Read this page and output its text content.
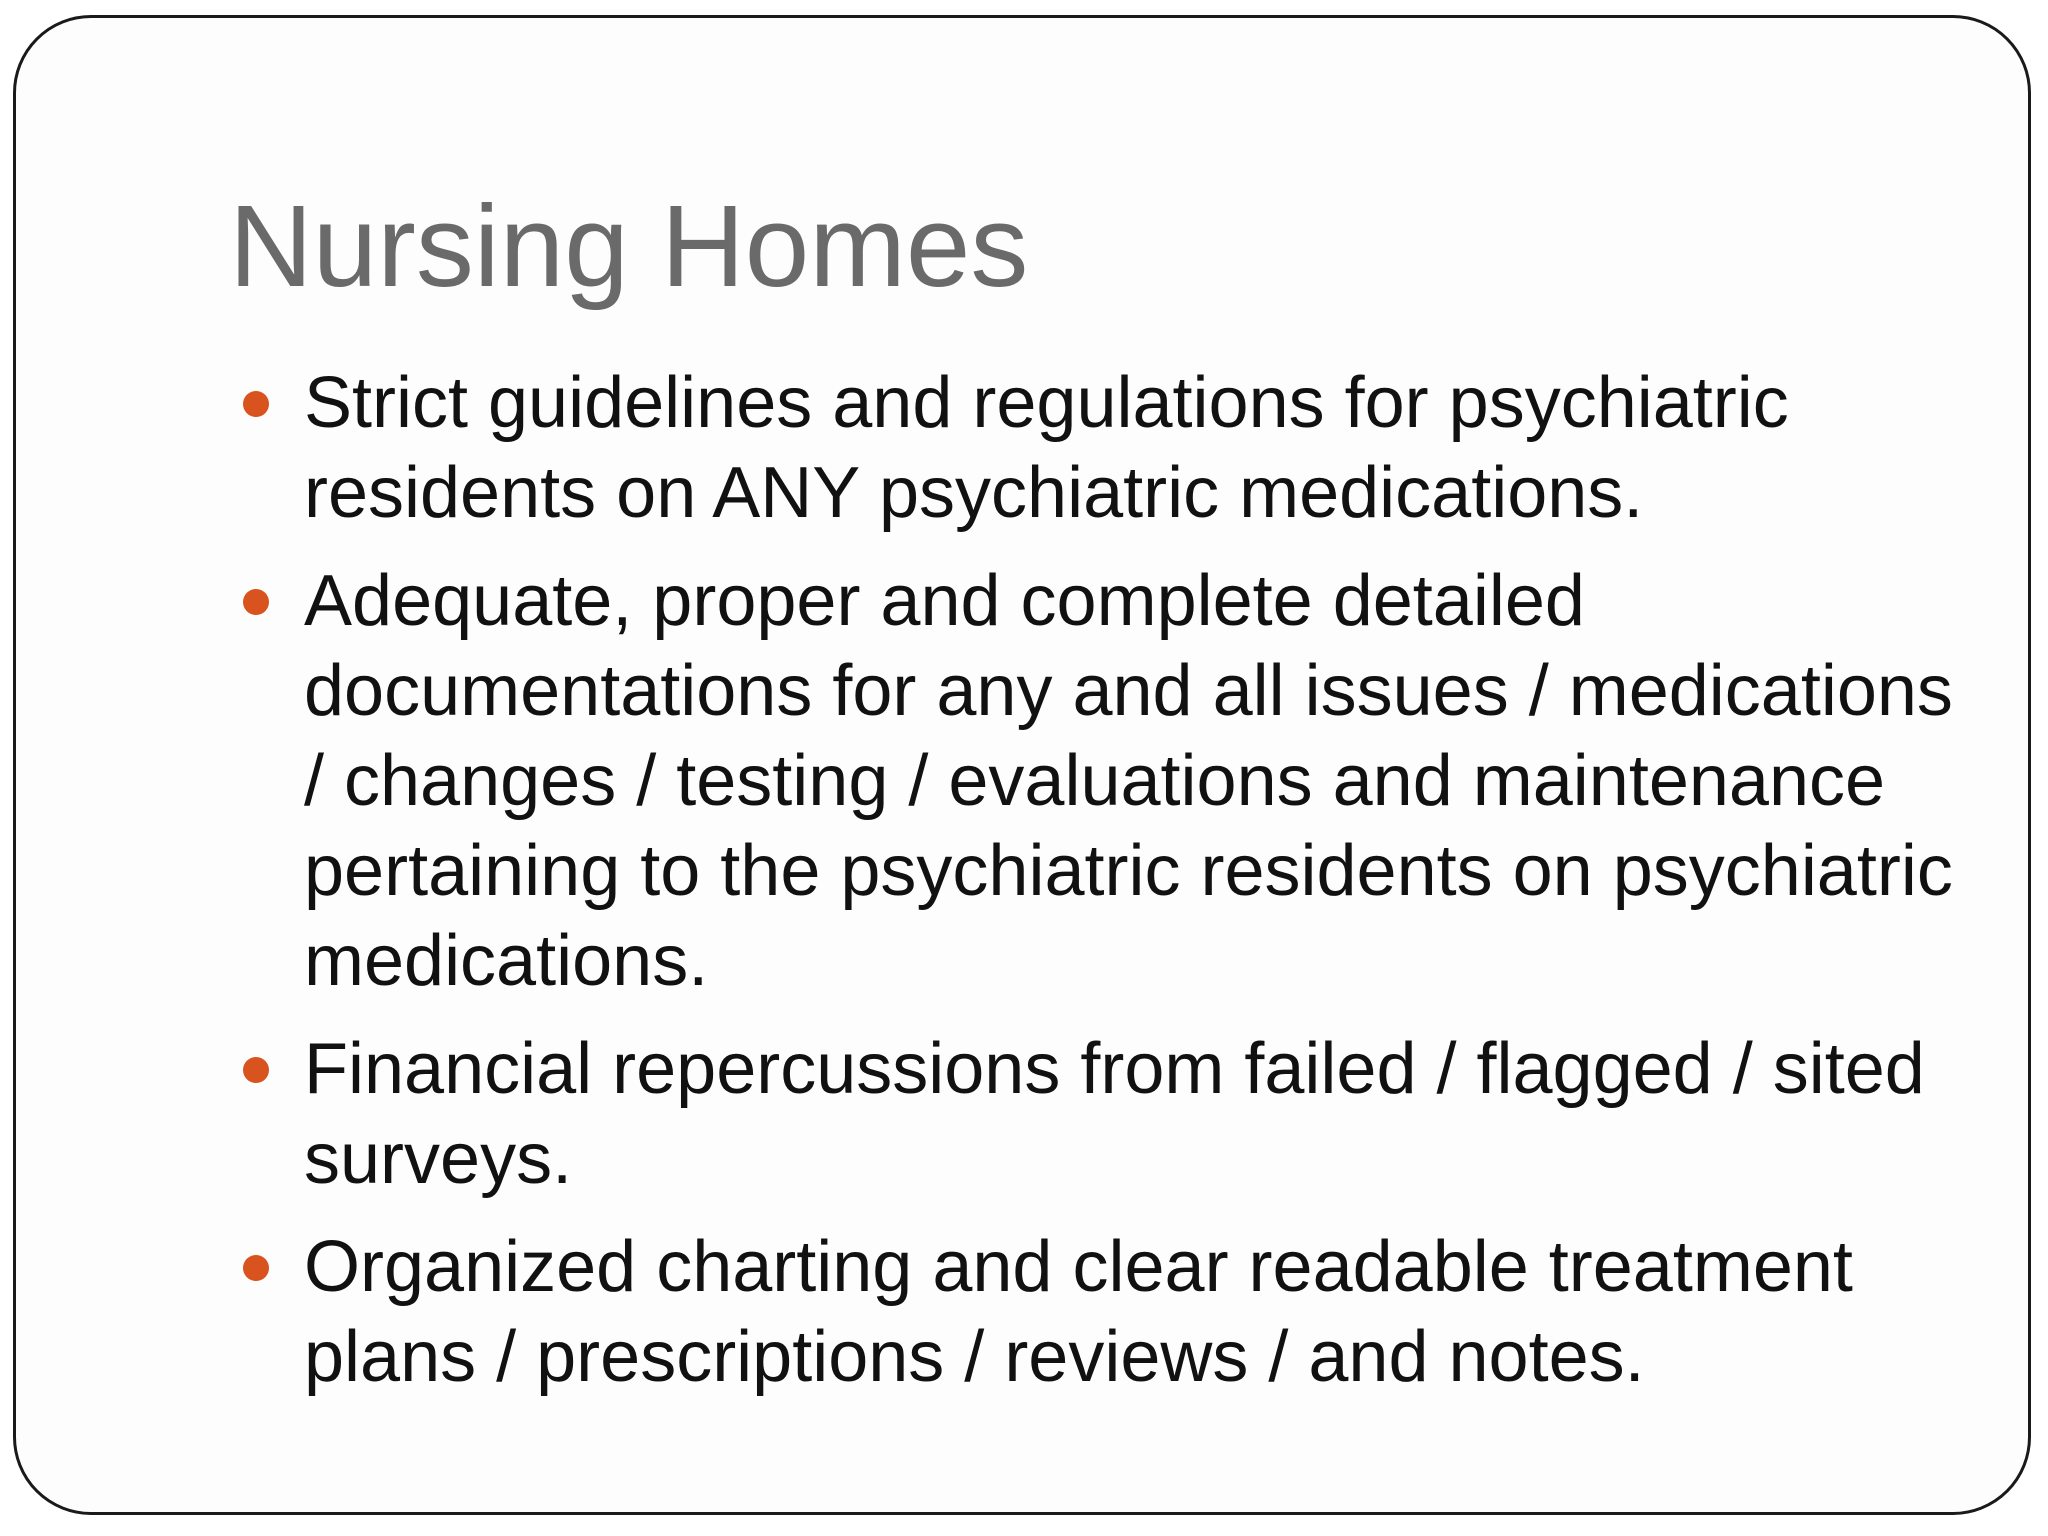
Nursing Homes
Strict guidelines and regulations for psychiatric residents on ANY psychiatric medications.
Adequate, proper and complete detailed documentations for any and all issues / medications / changes / testing / evaluations and maintenance pertaining to the psychiatric residents on psychiatric medications.
Financial repercussions from failed / flagged / sited surveys.
Organized charting and clear readable treatment plans / prescriptions / reviews / and notes.
